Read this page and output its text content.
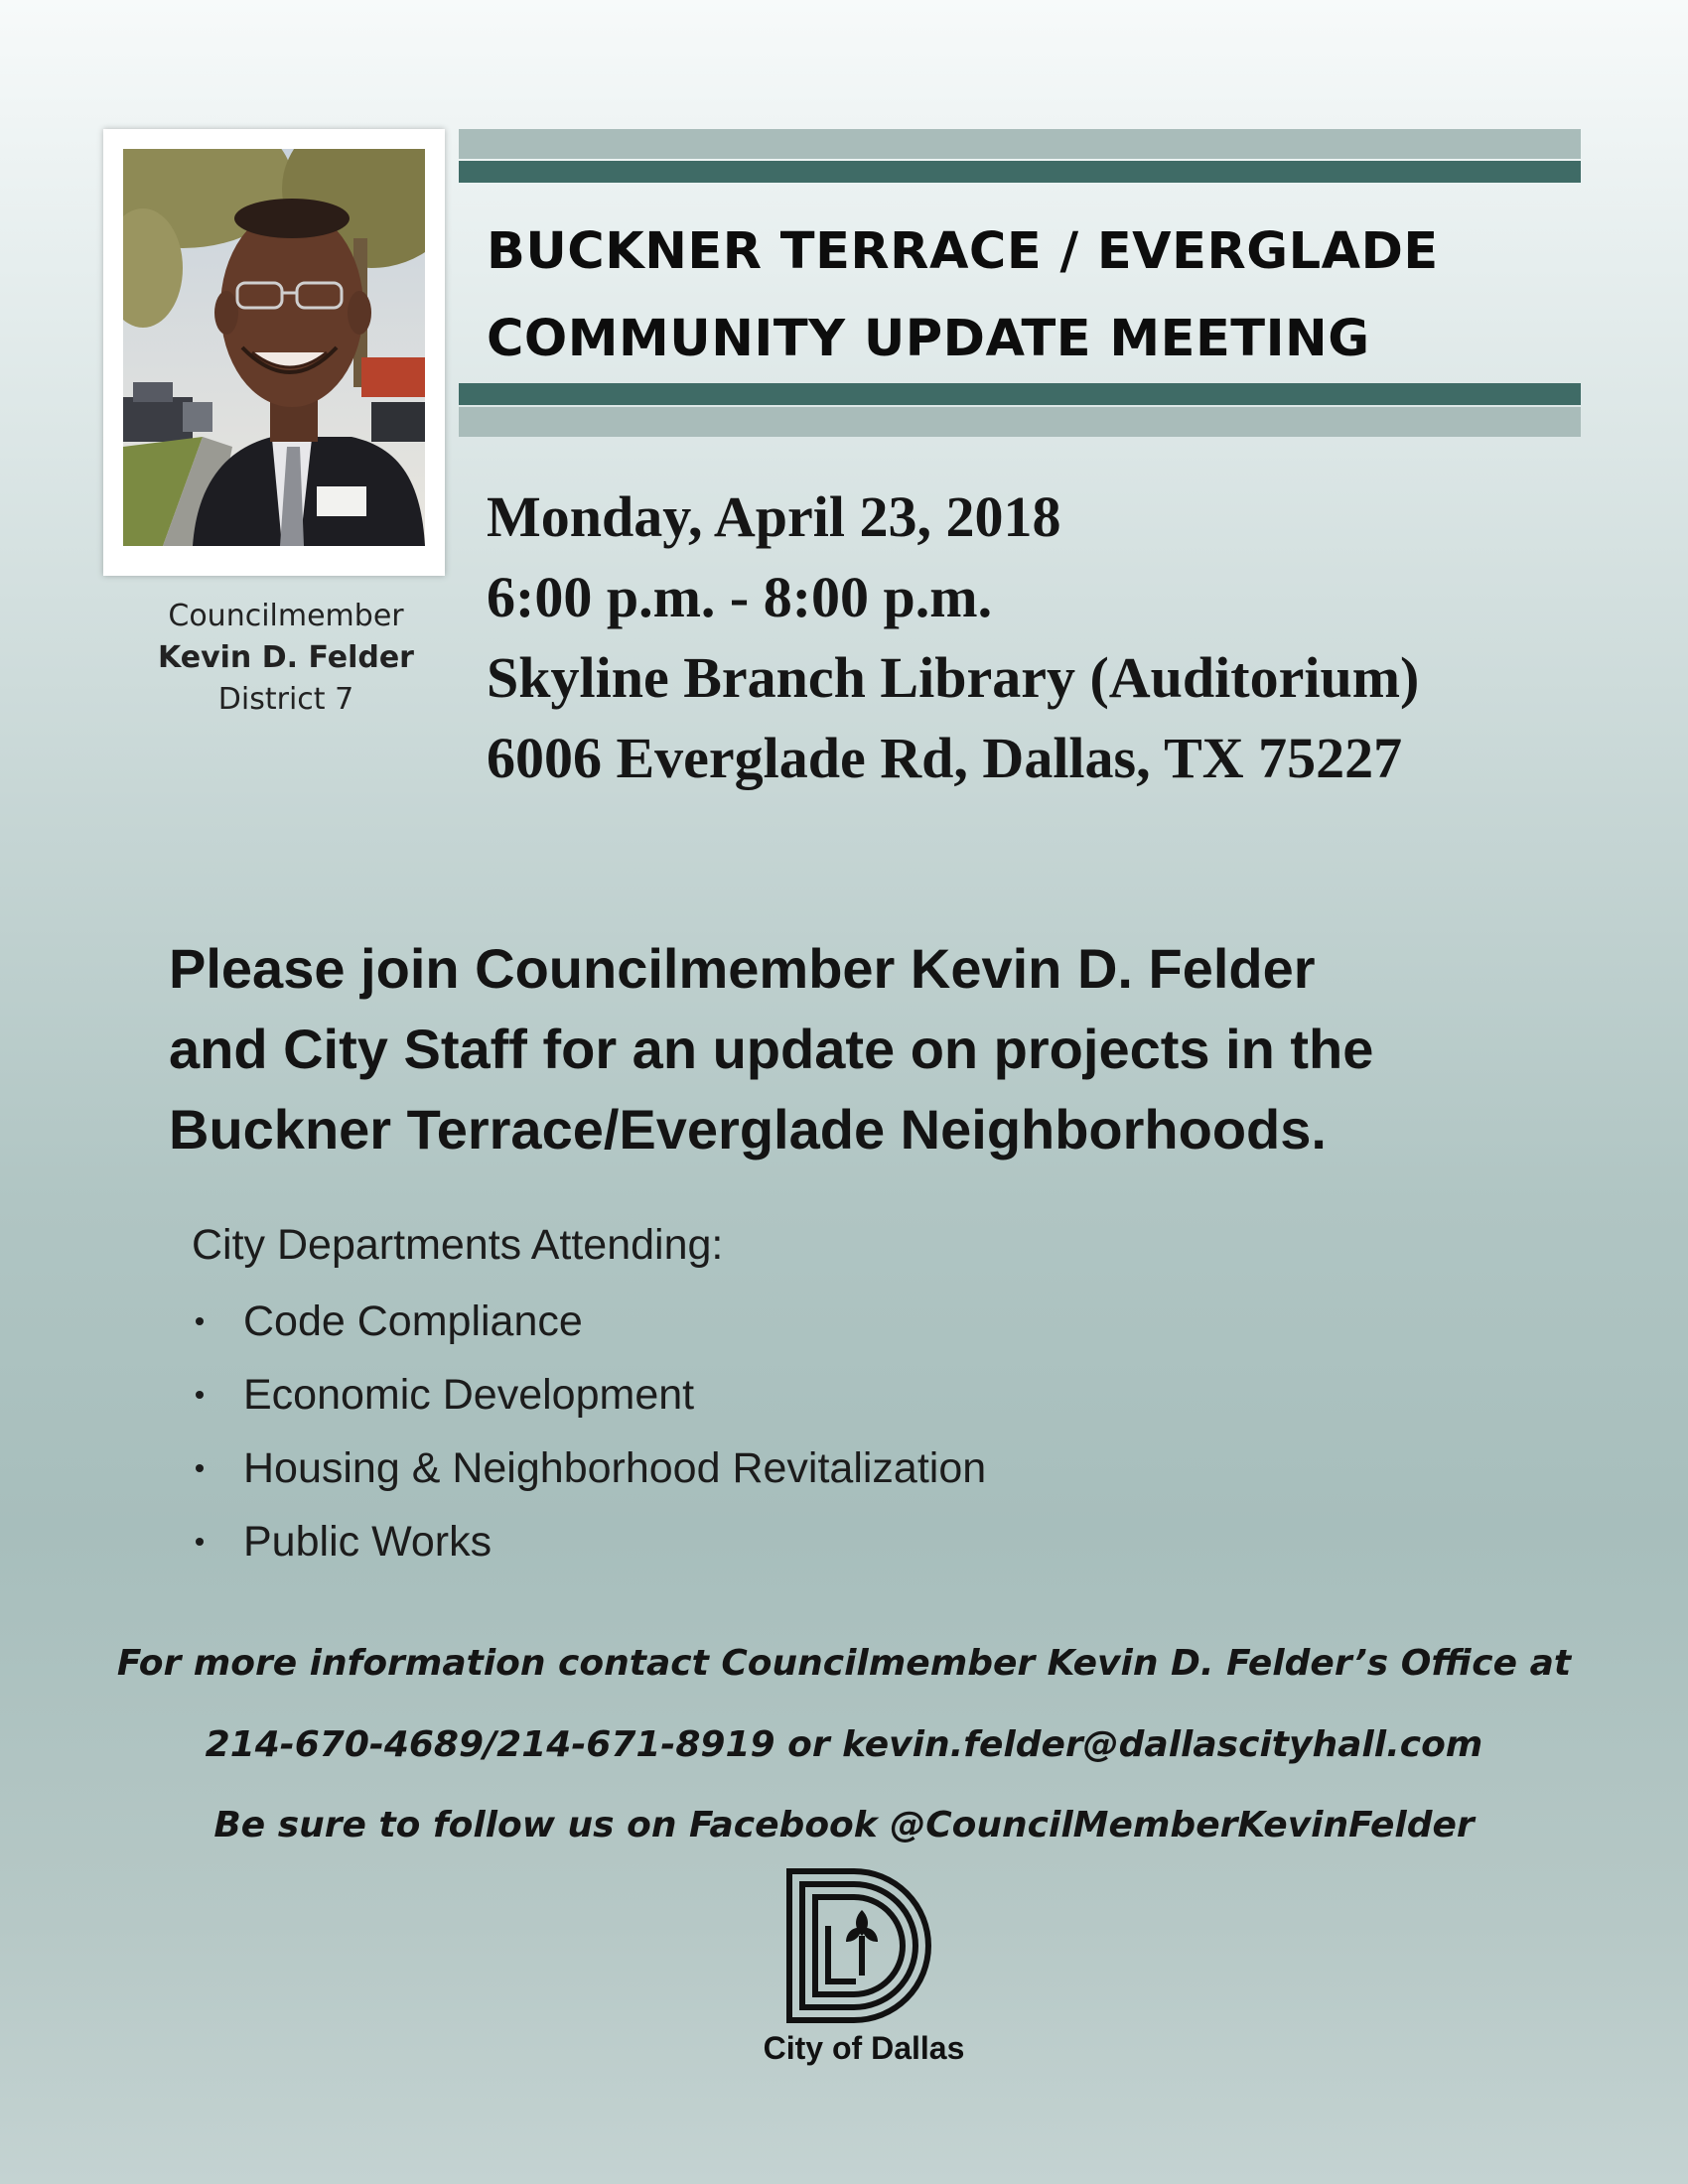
Councilmember
Kevin D. Felder
District 7
BUCKNER TERRACE / EVERGLADE
COMMUNITY UPDATE MEETING
Monday, April 23, 2018
6:00 p.m. - 8:00 p.m.
Skyline Branch Library (Auditorium)
6006 Everglade Rd, Dallas, TX 75227
Please join Councilmember Kevin D. Felder
and City Staff for an update on projects in the
Buckner Terrace/Everglade Neighborhoods.
City Departments Attending:
Code Compliance
Economic Development
Housing & Neighborhood Revitalization
Public Works
For more information contact Councilmember Kevin D. Felder’s Office at
214-670-4689/214-671-8919 or kevin.felder@dallascityhall.com
Be sure to follow us on Facebook @CouncilMemberKevinFelder
City of Dallas
